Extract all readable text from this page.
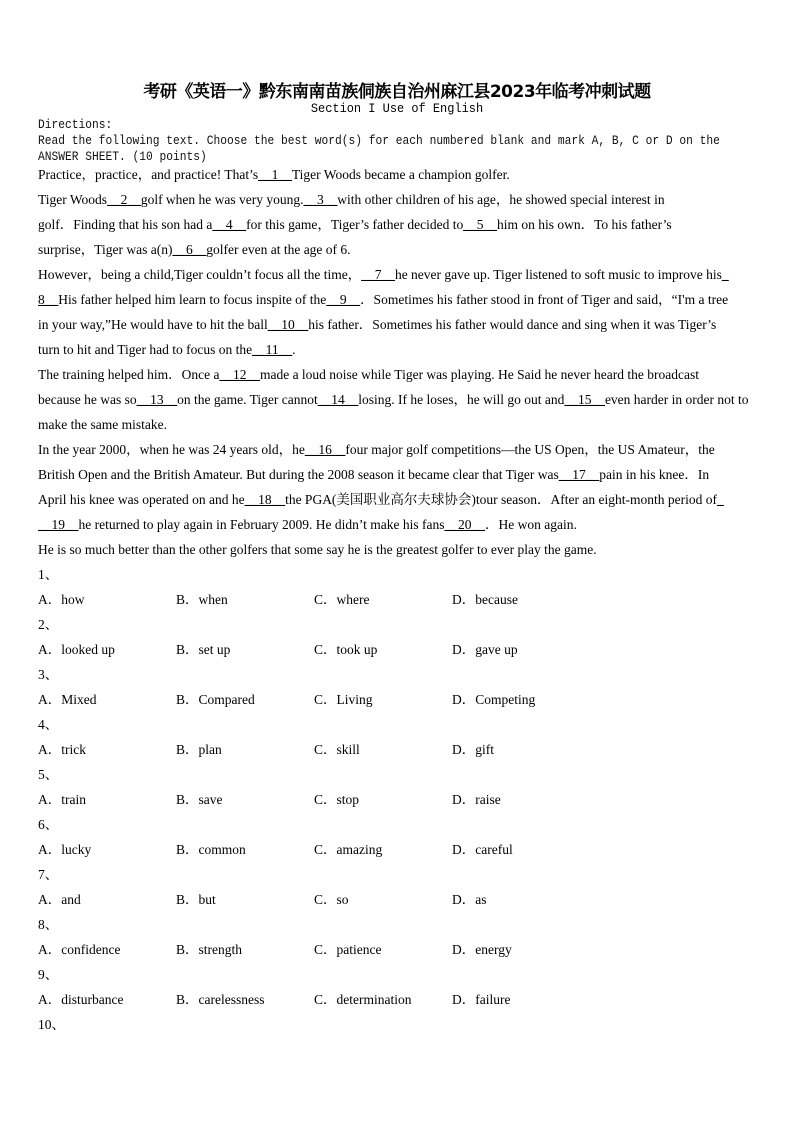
考研《英语一》黔东南南苗族侗族自治州麻江县2023年临考冲刺试题
Section I Use of English
Directions:
Read the following text. Choose the best word(s) for each numbered blank and mark A, B, C or D on the
ANSWER SHEET. (10 points)
Practice，practice，and practice! That’s__1__Tiger Woods became a champion golfer.
Tiger Woods__2__golf when he was very young.__3__with other children of his age，he showed special interest in
golf．Finding that his son had a__4__for this game，Tiger’s father decided to__5__him on his own．To his father’s
surprise，Tiger was a(n)__6__golfer even at the age of 6.
However，being a child,Tiger couldn’t focus all the time，__7__he never gave up. Tiger listened to soft music to improve his_
8__His father helped him learn to focus inspite of the__9__．Sometimes his father stood in front of Tiger and said，“I'm a tree
in your way,”He would have to hit the ball__10__his father．Sometimes his father would dance and sing when it was Tiger’s
turn to hit and Tiger had to focus on the__11__.
The training helped him．Once a__12__made a loud noise while Tiger was playing. He Said he never heard the broadcast
because he was so__13__on the game. Tiger cannot__14__losing. If he loses，he will go out and__15__even harder in order not to
make the same mistake.
In the year 2000，when he was 24 years old，he__16__four major golf competitions—the US Open，the US Amateur，the
British Open and the British Amateur. But during the 2008 season it became clear that Tiger was__17__pain in his knee．In
April his knee was operated on and he__18__the PGA(美国职业高尔夫球协会)tour season．After an eight-month period of_
__19__he returned to play again in February 2009. He didn’t make his fans__20__．He won again.
He is so much better than the other golfers that some say he is the greatest golfer to ever play the game.
1、
A．how	B．when	C．where	D．because
2、
A．looked up	B．set up	C．took up	D．gave up
3、
A．Mixed	B．Compared	C．Living	D．Competing
4、
A．trick	B．plan	C．skill	D．gift
5、
A．train	B．save	C．stop	D．raise
6、
A．lucky	B．common	C．amazing	D．careful
7、
A．and	B．but	C．so	D．as
8、
A．confidence	B．strength	C．patience	D．energy
9、
A．disturbance	B．carelessness	C．determination	D．failure
10、
